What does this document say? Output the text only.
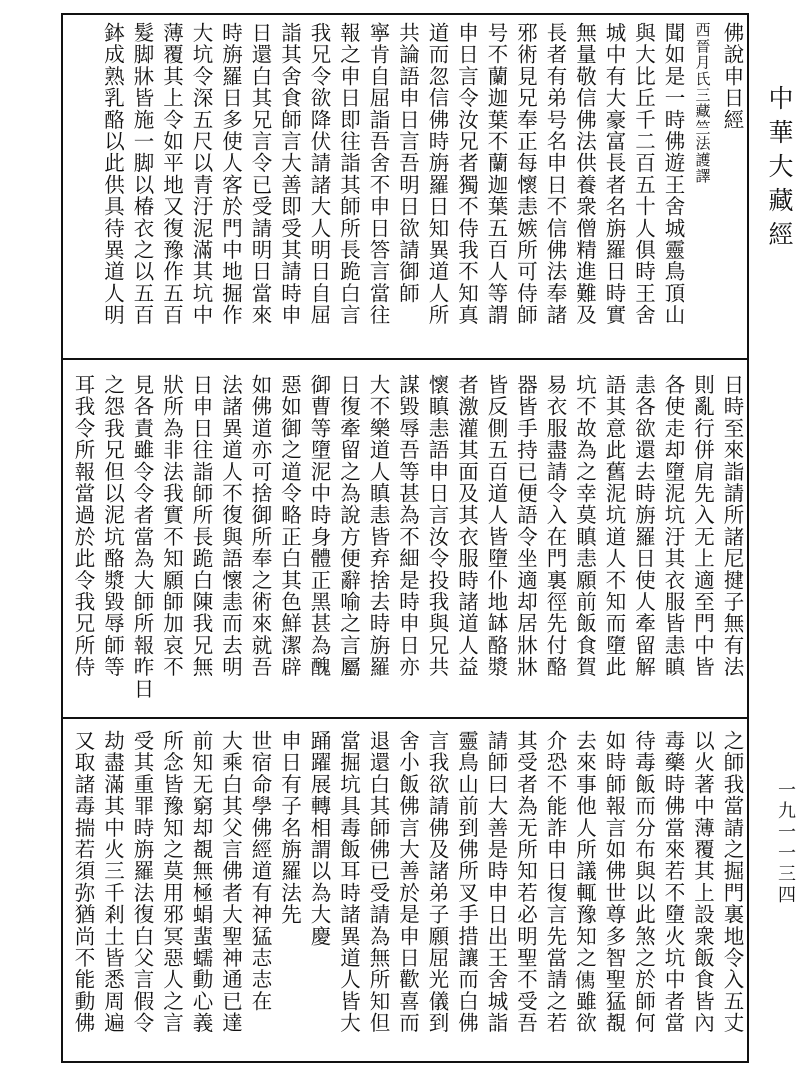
中華大藏經
一九一一三四
佛說申日經
西晉月氏三藏竺法護譯
聞如是一時佛遊王舍城靈鳥頂山
與大比丘千二百五十人俱時王舍
城中有大豪富長者名旃羅日時實
無量敬信佛法供養衆僧精進難及
長者有弟号名申日不信佛法奉諸
邪術見兄奉正每懷恚嫉所可侍師
号不蘭迦葉不蘭迦葉五百人等謂
申日言令汝兄者獨不侍我不知真
道而忽信佛時旃羅日知異道人所
共論語申日言吾明日欲請御師
寧肯自屈詣吾舍不申日答言當往
報之申日即往詣其師所長跪白言
我兄令欲降伏請諸大人明日自屈
詣其舍食師言大善即受其請時申
日還白其兄言令已受請明日當來
時旃羅日多使人客於門中地掘作
大坑令深五尺以青汙泥滿其坑中
薄覆其上令如平地又復豫作五百
髮脚牀皆施一脚以椿衣之以五百
鉢成熟乳酪以此供具待異道人明
日時至來詣請所諸尼揵子無有法
則亂行併肩先入无上適至門中皆
各使走却墮泥坑汙其衣服皆恚瞋
恚各欲還去時旃羅日使人牽留解
語其意此舊泥坑道人不知而墮此
坑不故為之幸莫瞋恚願前飯食賀
易衣服盡請令入在門裏徑先付酪
器皆手持已便語令坐適却居牀牀
皆反側五百道人皆墮仆地缽酪漿
者激灌其面及其衣服時諸道人益
懷瞋恚語申日言汝令投我與兄共
謀毀辱吾等甚為不細是時申日亦
大不樂道人瞋恚皆弃捨去時旃羅
日復牽留之為說方便辭喻之言屬
御曹等墮泥中時身體正黑甚為醜
惡如御之道令略正白其色鮮潔辟
如佛道亦可捨御所奉之術來就吾
法諸異道人不復與語懷恚而去明
日申日往詣師所長跪白陳我兄無
狀所為非法我實不知願師加哀不
見各責雖令令者當為大師所報昨日
之怨我兄但以泥坑酪漿毀辱師等
耳我令所報當過於此令我兄所侍
之師我當請之掘門裏地令入五丈
以火著中薄覆其上設衆飯食皆內
毒藥時佛當來若不墮火坑中者當
待毒飯而分布與以此煞之於師何
如時師報言如佛世尊多智聖猛覩
去來事他人所議輒豫知之𠍶雖欲
介恐不能詐申日復言先當請之若
其受者為无所知若必明聖不受吾
請師曰大善是時申日出王舍城詣
靈鳥山前到佛所叉手措讓而白佛
言我欲請佛及諸弟子願屈光儀到
舍小飯佛言大善於是申日歡喜而
退還白其師佛已受請為無所知但
當掘坑具毒飯耳時諸異道人皆大
踊躍展轉相謂以為大慶
申日有子名旃羅法先
世宿命學佛經道有神猛志志在
大乘白其父言佛者大聖神通已達
前知无窮却覩無極蜎蜚蠕動心義
所念皆豫知之莫用邪冥惡人之言
受其重罪時旃羅法復白父言假令
劫盡滿其中火三千剎土皆悉周遍
又取諸毒揣若須弥猶尚不能動佛
